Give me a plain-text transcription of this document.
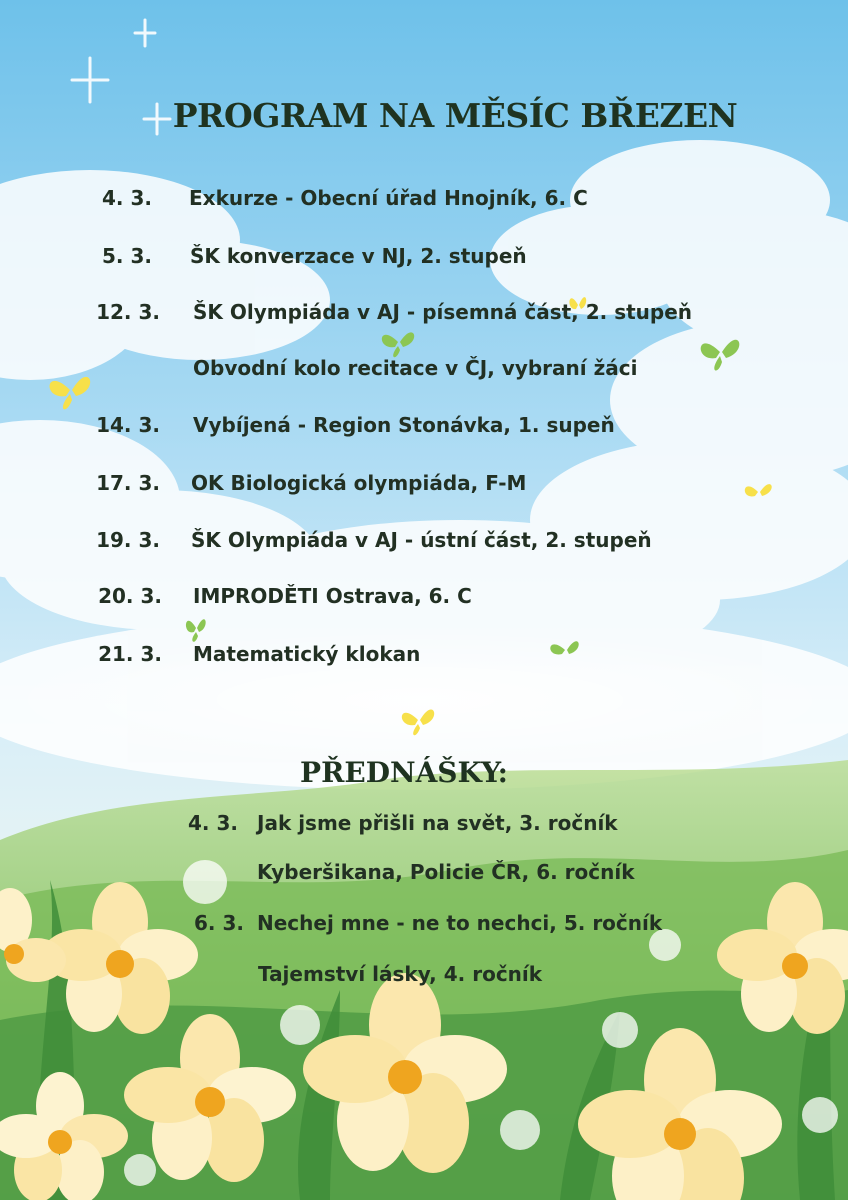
PROGRAM NA MĚSÍC BŘEZEN
4. 3. Exkurze - Obecní úřad Hnojník, 6. C
5. 3. ŠK konverzace v NJ, 2. stupeň
12. 3. ŠK Olympiáda v AJ - písemná část, 2. stupeň
Obvodní kolo recitace v ČJ, vybraní žáci
14. 3. Vybíjená - Region Stonávka, 1. supeň
17. 3. OK Biologická olympiáda, F-M
19. 3. ŠK Olympiáda v AJ - ústní část, 2. stupeň
20. 3. IMPRODĚTI Ostrava, 6. C
21. 3. Matematický klokan
PŘEDNÁŠKY:
4. 3. Jak jsme přišli na svět, 3. ročník
Kyberšikana, Policie ČR, 6. ročník
6. 3. Nechej mne - ne to nechci, 5. ročník
Tajemství lásky, 4. ročník
